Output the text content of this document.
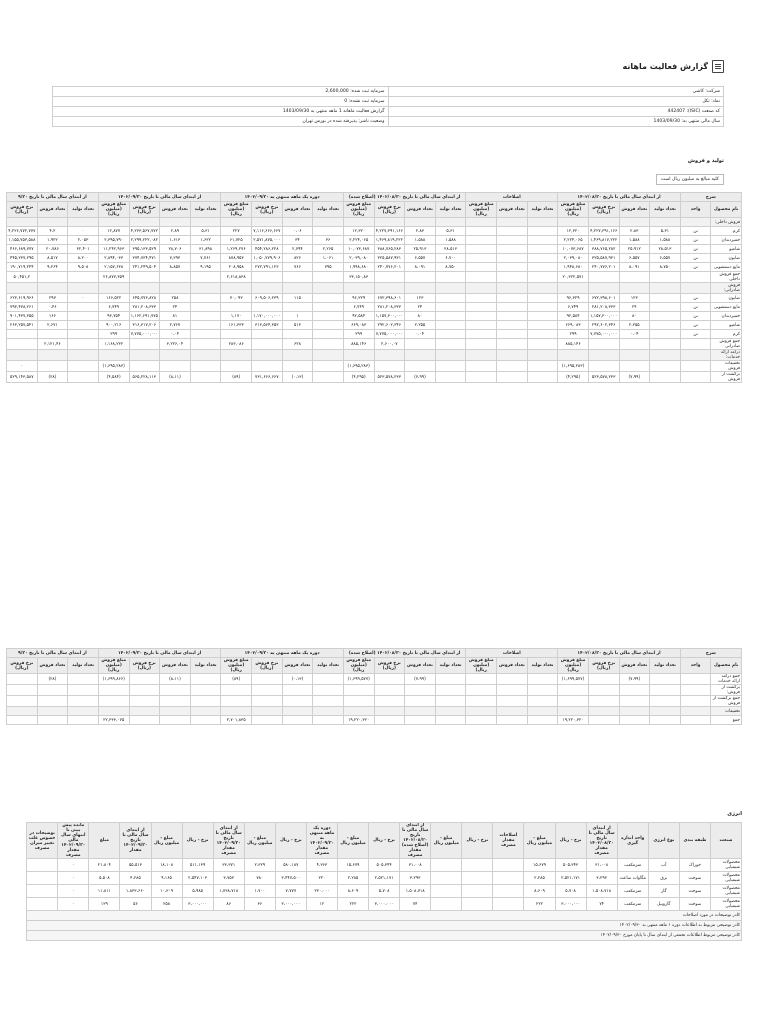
گزارش فعالیت ماهانه
شرکت: کاشی	سرمایه ثبت شده: 2,600,000
نماد: تکل	سرمایه ثبت نشده: 0
کد صنعت (ISIC): 442407	گزارش فعالیت ماهانه 1 ماهه منتهی به 1403/09/30
سال مالی منتهی به: 1403/09/30	وضعیت ناشر: پذیرفته شده در بورس تهران
تولید و فروش
کلیه مبالغ به میلیون ریال است
شرح		از ابتدای سال مالی تا تاریخ ۱۴۰۲/۰۸/۳۰				اصلاحات			از ابتدای سال مالی تا تاریخ ۱۴۰۲/۰۸/۳۰ (اصلاح شده)				دوره یک ماهه منتهی به ۱۴۰۲/۰۹/۳۰				از ابتدای سال مالی تا تاریخ ۱۴۰۲/۰۹/۳۰				از ابتدای سال مالی تا تاریخ ۹/۳۰		
نام محصول	واحد	تعداد تولید	تعداد فروش	نرخ فروش (ریال)	مبلغ فروش (میلیون ریال)	تعداد تولید	تعداد فروش	مبلغ فروش (میلیون ریال)	تعداد تولید	تعداد فروش	نرخ فروش (ریال)	مبلغ فروش (میلیون ریال)	تعداد تولید	تعداد فروش	نرخ فروش (ریال)	مبلغ فروش (میلیون ریال)	تعداد تولید	تعداد فروش	نرخ فروش (ریال)	مبلغ فروش (میلیون ریال)	تعداد تولید	تعداد فروش	نرخ فروش (ریال)
فروش داخلی:																							
کرم	تن	۵،۳۱	۲،۸۳	۴,۲۲۷,۳۹۱,۱۶۶	۱۲,۳۲۰				۵،۳۱	۲،۸۳	۴,۲۲۷,۳۹۱,۱۶۶	۱۲,۳۲۰		۰،۰۶	۷,۱۱۶,۶۶۶,۶۶۷	۲۲۷	۵،۳۱	۲،۸۹	۴,۲۳۳,۵۶۷,۷۷۲	۱۲,۸۷۷	۰	۴،۲	۴,۲۲۶,۷۷۲,۷۷۷
خمیردندان	تن	۱،۵۸۸	۱،۵۸۸	۱,۴۶۹,۸۱۷,۲۲۲	۲,۲۲۴,۰۶۵				۱،۵۸۸	۱،۵۸۸	۱,۴۶۹,۸۱۹,۲۲۲	۲,۲۲۴,۰۶۵	۳۶	۳۴	۲,۵۷۱,۸۷۵,۰۰۰	۶۱,۷۲۵	۱،۶۲۲	۱،۶۱۳	۲,۲۹۹,۲۲۲,۰۸۲	۲,۳۹۵,۷۹۰	۲،۰۵۳	۱،۹۲۲	۱,۱۵۵,۷۵۳,۵۸۸
شامپو	تن	۲۸،۵۱۳	۲۵،۹۱۲	۳۸۸,۷۶۵,۲۸۲	۱۰,۰۷۳,۶۸۷				۲۸،۵۱۳	۲۵،۹۱۳	۳۸۸,۷۶۵,۲۸۳	۱۰,۰۷۳,۶۸۷	۲,۲۶۵	۲,۷۹۴	۴۵۴,۲۸۶,۲۲۸	۱,۲۶۹,۲۷۶	۳۱,۸۹۸	۲۸,۷۰۶	۳۹۵,۱۳۳,۵۲۹	۱۱,۲۴۲,۹۶۳	۳۲,۴۰۱	۲۰،۷۸۶	۴۶۶,۶۸۹,۷۷۷
صابون	تن	۶،۵۵۷	۶،۵۵۷	۳۲۵,۵۸۷,۹۳۱	۲,۰۳۹,۰۸۰				۶،۷۰۰	۶،۵۵۷	۳۲۵,۵۸۷,۹۳۱	۲,۰۳۹,۰۸۰	۱،۰۶۱	۸۲۶	۱,۰۵۰,۷۷۹,۹۰۶	۸۷۸,۹۵۳	۷,۷۶۱	۷,۳۹۳	۳۷۴,۷۳۴,۴۷۱	۲,۸۹۴,۰۳۳	۸،۲۰۰	۸،۵۱۷	۴۴۵,۳۳۷,۲۹۵
مایع دستشویی	تن	۸،۷۵۰	۸،۰۹۱	۲۴۰,۷۷۶,۲۰۱	۱,۹۴۸,۶۸۰				۸،۷۵۰	۸،۰۹۱	۲۴۰,۷۷۶,۲۰۱	۱,۹۴۸,۶۸۰	۷۹۵	۷۶۶	۲۷۲,۷۹۱,۱۲۳	۲۰۸,۹۵۸	۹،۱۹۵	۸،۸۵۷	۲۴۱,۲۴۹,۵۰۴	۲,۱۵۷,۶۳۸	۹،۵۰۸	۹،۲۶۴	۱۹۰,۷۱۹,۲۴۴
جمع فروش داخلی					۲۰,۳۲۲,۵۷۱							۳۳,۱۵۰,۸۳				۲,۶۱۸,۸۳۸				۲۶,۸۷۷,۳۵۹			۵۰,۴۵۱,۲
فروش صادراتی:																							
صابون	تن		۱۲۳	۶۷۲,۳۹۸,۶۰۱	۹۶,۳۲۹					۱۲۳	۶۷۲,۳۹۸,۶۰۱	۹۶,۳۲۹		۱۱۵	۶۰۹,۵۰۶,۲۳۹	۷۰,۰۹۳		۲۵۸	۶۴۵,۷۷۳,۸۲۸	۱۶۶,۵۲۲	۰	۲۹۷	۶۲۳,۶۱۹,۹۶۶
مایع دستشویی	تن		۲۴	۲۸۱,۲۰۸,۳۳۳	۶,۷۴۹					۲۴	۲۸۱,۲۰۸,۳۳۳	۶,۷۴۹						۲۴	۲۸۱,۲۰۸,۳۳۳	۶,۷۴۹		۰،۴۶	۷۹۳,۴۷۸,۲۶۱
خمیردندان	تن		۸۰	۱,۱۵۷,۳۰۰,۰۰۰	۹۲,۵۸۴					۸۰	۱,۱۵۷,۳۰۰,۰۰۰	۹۲,۵۸۴		۱	۱,۱۷۰,۰۰۰,۰۰۰	۱,۱۷۰		۸۱	۱,۱۶۲,۶۹۱,۷۷۵	۹۳,۷۵۴		۱۶۶	۹۰۱,۴۳۷,۳۵۵
شامپو	تن		۲،۲۵۵	۲۹۲,۶۰۲,۳۴۶	۶۶۹,۰۸۳					۲،۲۵۵	۲۹۲,۶۰۲,۳۴۶	۶۶۹,۰۸۳		۵۱۳	۳۱۳,۵۶۴,۳۵۳	۱۶۱,۳۳۳		۲،۷۶۷	۳۱۶,۳۱۷,۲۰۶	۹۰۰,۲۱۶		۲،۶۷۱	۲۶۳,۲۵۷,۵۴۱
کرم	تن		۰،۰۴	۷,۷۷۵,۰۰۰,۰۰۰	۲۹۹					۰،۰۴	۷,۷۷۵,۰۰۰,۰۰۰	۲۹۹						۰،۰۴	۷,۷۷۵,۰۰۰,۰۰۰	۲۹۹			
جمع فروش صادراتی					۸۸۵,۱۴۶						۲,۶۰۰,۰۷	۸۸۵,۱۴۶		۶۲۸		۲۸۳,۰۸۶		۳,۲۲۶,۰۴		۱,۱۶۸,۲۳۲		۲,۱۲۱,۴۶	
درآمد ارائه خدمات:																							
تخفیفات فروش					(۱,۶۹۵,۲۸۳)							(۱,۶۹۵,۲۸۳)								(۱,۶۹۵,۲۸۳)			۰
برگشت از فروش			(۷،۹۹)	۵۲۳,۵۷۸,۲۳۳	(۴,۲۹۵)					(۷،۹۹)	۵۲۳,۵۷۸,۲۳۳	(۴,۲۹۵)		(۰،۱۳)	۷۳۱,۶۶۶,۶۶۷	(۸۹)		(۸،۱۱)	۵۶۵,۲۲۸,۱۱۳	(۴,۵۸۴)		(۲۸)	۵۲۹,۱۴۳,۵۸۷
شرح		از ابتدای سال مالی تا تاریخ ۱۴۰۲/۰۸/۳۰				اصلاحات			از ابتدای سال مالی تا تاریخ ۱۴۰۲/۰۸/۳۰ (اصلاح شده)				دوره یک ماهه منتهی به ۱۴۰۲/۰۹/۳۰				از ابتدای سال مالی تا تاریخ ۱۴۰۲/۰۹/۳۰				از ابتدای سال مالی تا تاریخ ۹/۳۰		
نام محصول	واحد	تعداد تولید	تعداد فروش	نرخ فروش (ریال)	مبلغ فروش (میلیون ریال)	تعداد تولید	تعداد فروش	مبلغ فروش (میلیون ریال)	تعداد تولید	تعداد فروش	نرخ فروش (ریال)	مبلغ فروش (میلیون ریال)	تعداد تولید	تعداد فروش	نرخ فروش (ریال)	مبلغ فروش (میلیون ریال)	تعداد تولید	تعداد فروش	نرخ فروش (ریال)	مبلغ فروش (میلیون ریال)	تعداد تولید	تعداد فروش	نرخ فروش (ریال)
جمع درآمد ارائه خدمات			(۷،۹۹)		(۱,۶۹۹,۵۷۷)					(۷،۹۹)		(۱,۶۹۹,۵۷۷)		(۰،۱۳)		(۸۹)		(۸،۱۱)		(۱,۶۹۹,۸۶۶)		(۲۸)	
برگشت از فروش:																							
جمع برگشت از فروش																							
تخفیفات																							
جمع					۱۹,۲۲۰,۳۲۰							۱۹,۲۲۰,۳۲۰				۲,۷۰۱,۸۳۵				۲۲,۳۳۳,۰۷۵			
انرژی
صنعت	طبقه بندی	نوع انرژی	واحد اندازه گیری	از ابتدای سال مالی تا تاریخ ۱۴۰۲/۰۸/۳۰ مقدار مصرف	نرخ - ریال	مبلغ - میلیون ریال	اصلاحات مقدار مصرف	نرخ - ریال	مبلغ - میلیون ریال	از ابتدای سال مالی تا تاریخ ۱۴۰۲/۰۸/۳۰ (اصلاح شده) مقدار مصرف	نرخ - ریال	مبلغ - میلیون ریال	دوره یک ماهه منتهی به ۱۴۰۲/۰۹/۳۰ مقدار مصرف	نرخ - ریال	مبلغ - میلیون ریال	از ابتدای سال مالی تا تاریخ ۱۴۰۲/۰۹/۳۰ مقدار مصرف	نرخ - ریال	مبلغ - میلیون ریال	از ابتدای سال مالی تا تاریخ ۱۴۰۲/۰۹/۳۰ مقدار	مبلغ	مانده پیش بینی تا انتهای سال مالی ۱۴۰۲/۰۹/۳۰ مقدار مصرف	توضیحات در خصوص علت تغییر میزان مصرف
محصولات شیمیایی	خوراک	آب	مترمکعب	۳۱،۰۰۸	۵۰۵،۳۴۳	۱۵،۶۷۹				۳۱،۰۰۸	۵۰۵،۳۴۴	۱۵،۶۷۹	۴،۳۶۳	۵۸۰،۱۸۷	۲،۳۲۹	۳۳،۳۷۱	۵۱۱،۱۳۹	۱۸،۱۰۸	۵۵،۵۱۳	۲۱،۸۰۴	۰	
محصولات شیمیایی	سوخت	برق	مگاوات ساعت	۳،۲۹۳	۲،۵۲۱،۱۷۱	۲،۲۸۵				۳،۲۹۳	۲،۵۲۱،۱۷۱	۲،۲۸۵	۲۲۰	۳،۴۴۷،۵۰۰	۷۸۰	۳،۷۵۳	۲،۵۴۷،۱۰۳	۹،۱۶۵	۴،۲۸۵	۵،۵۰۸	۰	
محصولات شیمیایی	سوخت	گاز	مترمکعب	۱،۵۰۸،۷۱۸	۵،۷۰۸	۸،۶۰۹				۱،۵۰۸،۷۱۸	۵،۷۰۸	۸،۶۰۹	۲۳۰،۰۰۰	۷،۷۷۷	۱،۷۰۰	۱،۷۳۸،۷۱۸	۵،۹۸۵	۱۰،۳۰۹	۱،۸۳۳،۶۶۰	۱۱،۸۱۱	۰	
محصولات شیمیایی	سوخت	گازوییل	مترمکعب	۷۴	۳،۰۰۰،۰۰۰	۲۲۲				۷۴	۳،۰۰۰،۰۰۰	۲۲۲	۱۲	۳،۰۰۰،۰۰۰	۳۶	۸۶	۳،۰۰۰،۰۰۰	۲۵۸	۵۶	۱۲۹	۰	
کادر توضیحات در مورد اصلاحات																						
کادر توضیحی مربوط به اطلاعات دوره ۱ ماهه منتهی به ۱۴۰۲/۰۹/۳۰																						
کادر توضیحی مربوط اطلاعات تجمعی از ابتدای سال تا پایان مورخ ۱۴۰۲/۰۹/۳۰																						
